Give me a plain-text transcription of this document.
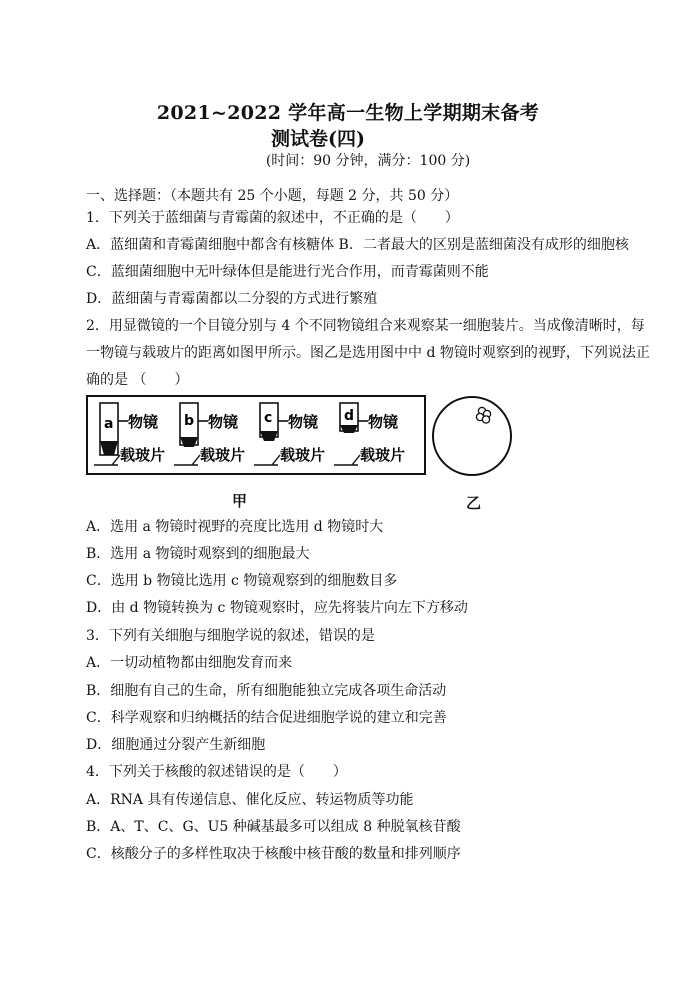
2021~2022 学年高一生物上学期期末备考
测试卷(四)
(时间：90 分钟，满分：100 分)
一、选择题：（本题共有 25 个小题，每题 2 分，共 50 分）
1．下列关于蓝细菌与青霉菌的叙述中，不正确的是（　　）
A．蓝细菌和青霉菌细胞中都含有核糖体 B．二者最大的区别是蓝细菌没有成形的细胞核
C．蓝细菌细胞中无叶绿体但是能进行光合作用，而青霉菌则不能
D．蓝细菌与青霉菌都以二分裂的方式进行繁殖
2．用显微镜的一个目镜分别与 4 个不同物镜组合来观察某一细胞装片。当成像清晰时，每
一物镜与载玻片的距离如图甲所示。图乙是选用图中中 d 物镜时观察到的视野，下列说法正
确的是 （　　）
a 物镜
载玻片
b 物镜
载玻片
c 物镜
载玻片
d 物镜
载玻片
甲	乙
A．选用 a 物镜时视野的亮度比选用 d 物镜时大
B．选用 a 物镜时观察到的细胞最大
C．选用 b 物镜比选用 c 物镜观察到的细胞数目多
D．由 d 物镜转换为 c 物镜观察时，应先将装片向左下方移动
3．下列有关细胞与细胞学说的叙述，错误的是
A．一切动植物都由细胞发育而来
B．细胞有自己的生命，所有细胞能独立完成各项生命活动
C．科学观察和归纳概括的结合促进细胞学说的建立和完善
D．细胞通过分裂产生新细胞
4．下列关于核酸的叙述错误的是（　　）
A．RNA 具有传递信息、催化反应、转运物质等功能
B．A、T、C、G、U5 种碱基最多可以组成 8 种脱氧核苷酸
C．核酸分子的多样性取决于核酸中核苷酸的数量和排列顺序
